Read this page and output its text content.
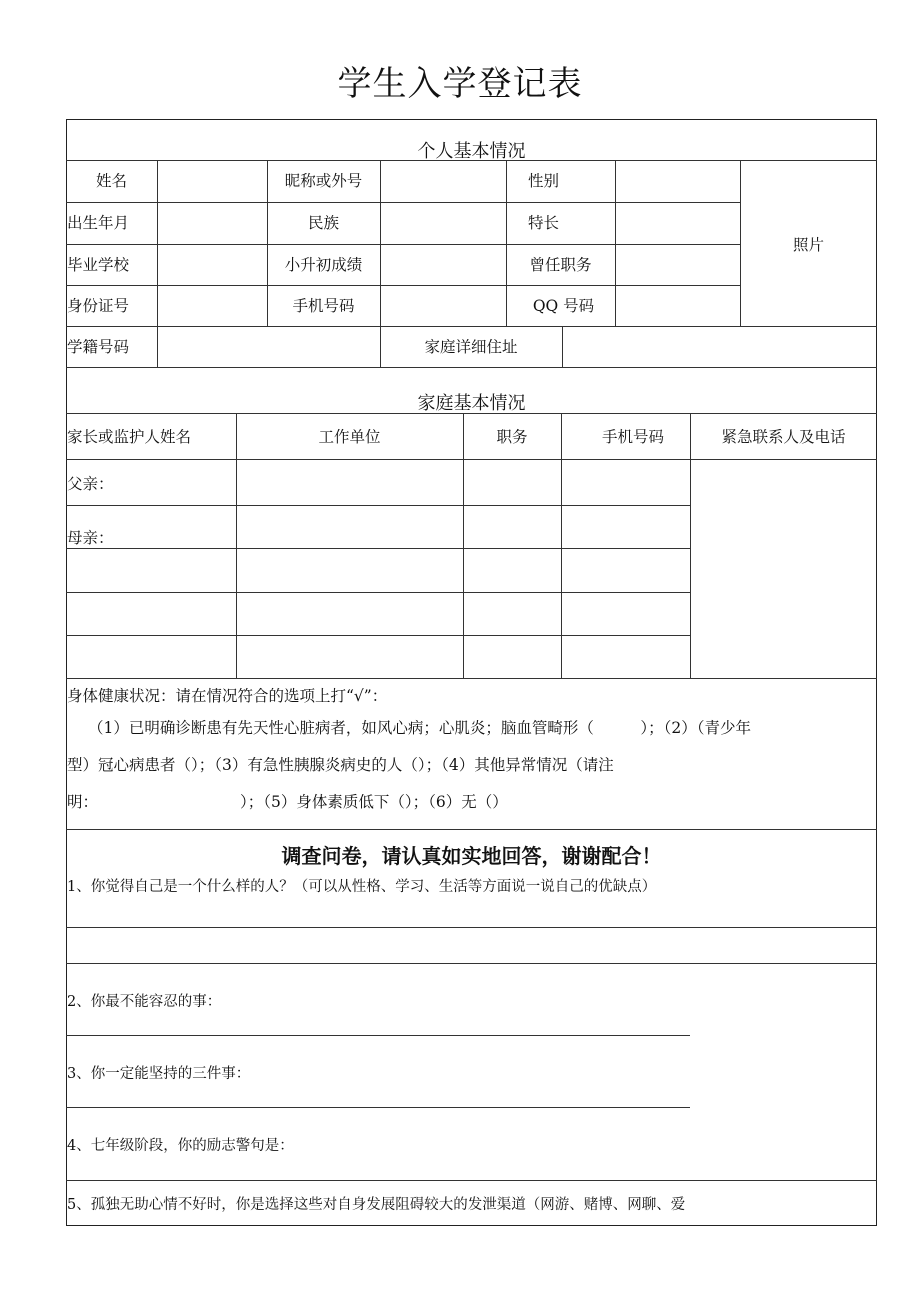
学生入学登记表
个人基本情况
姓名	昵称或外号	性别
出生年月	民族	特长
照片
毕业学校	小升初成绩	曾任职务
身份证号	手机号码	QQ 号码
学籍号码	家庭详细住址
家庭基本情况
家长或监护人姓名	工作单位	职务	手机号码	紧急联系人及电话
父亲：
母亲：
身体健康状况：请在情况符合的选项上打“√”：
（1）已明确诊断患有先天性心脏病者，如风心病；心肌炎；脑血管畸形（　　　）；（2）（青少年
型）冠心病患者（）；（3）有急性胰腺炎病史的人（）；（4）其他异常情况（请注
明：	）；（5）身体素质低下（）；（6）无（）
调查问卷，请认真如实地回答，谢谢配合！
1、你觉得自己是一个什么样的人？（可以从性格、学习、生活等方面说一说自己的优缺点）
2、你最不能容忍的事：
3、你一定能坚持的三件事：
4、七年级阶段，你的励志警句是：
5、孤独无助心情不好时，你是选择这些对自身发展阻碍较大的发泄渠道（网游、赌博、网聊、爱
